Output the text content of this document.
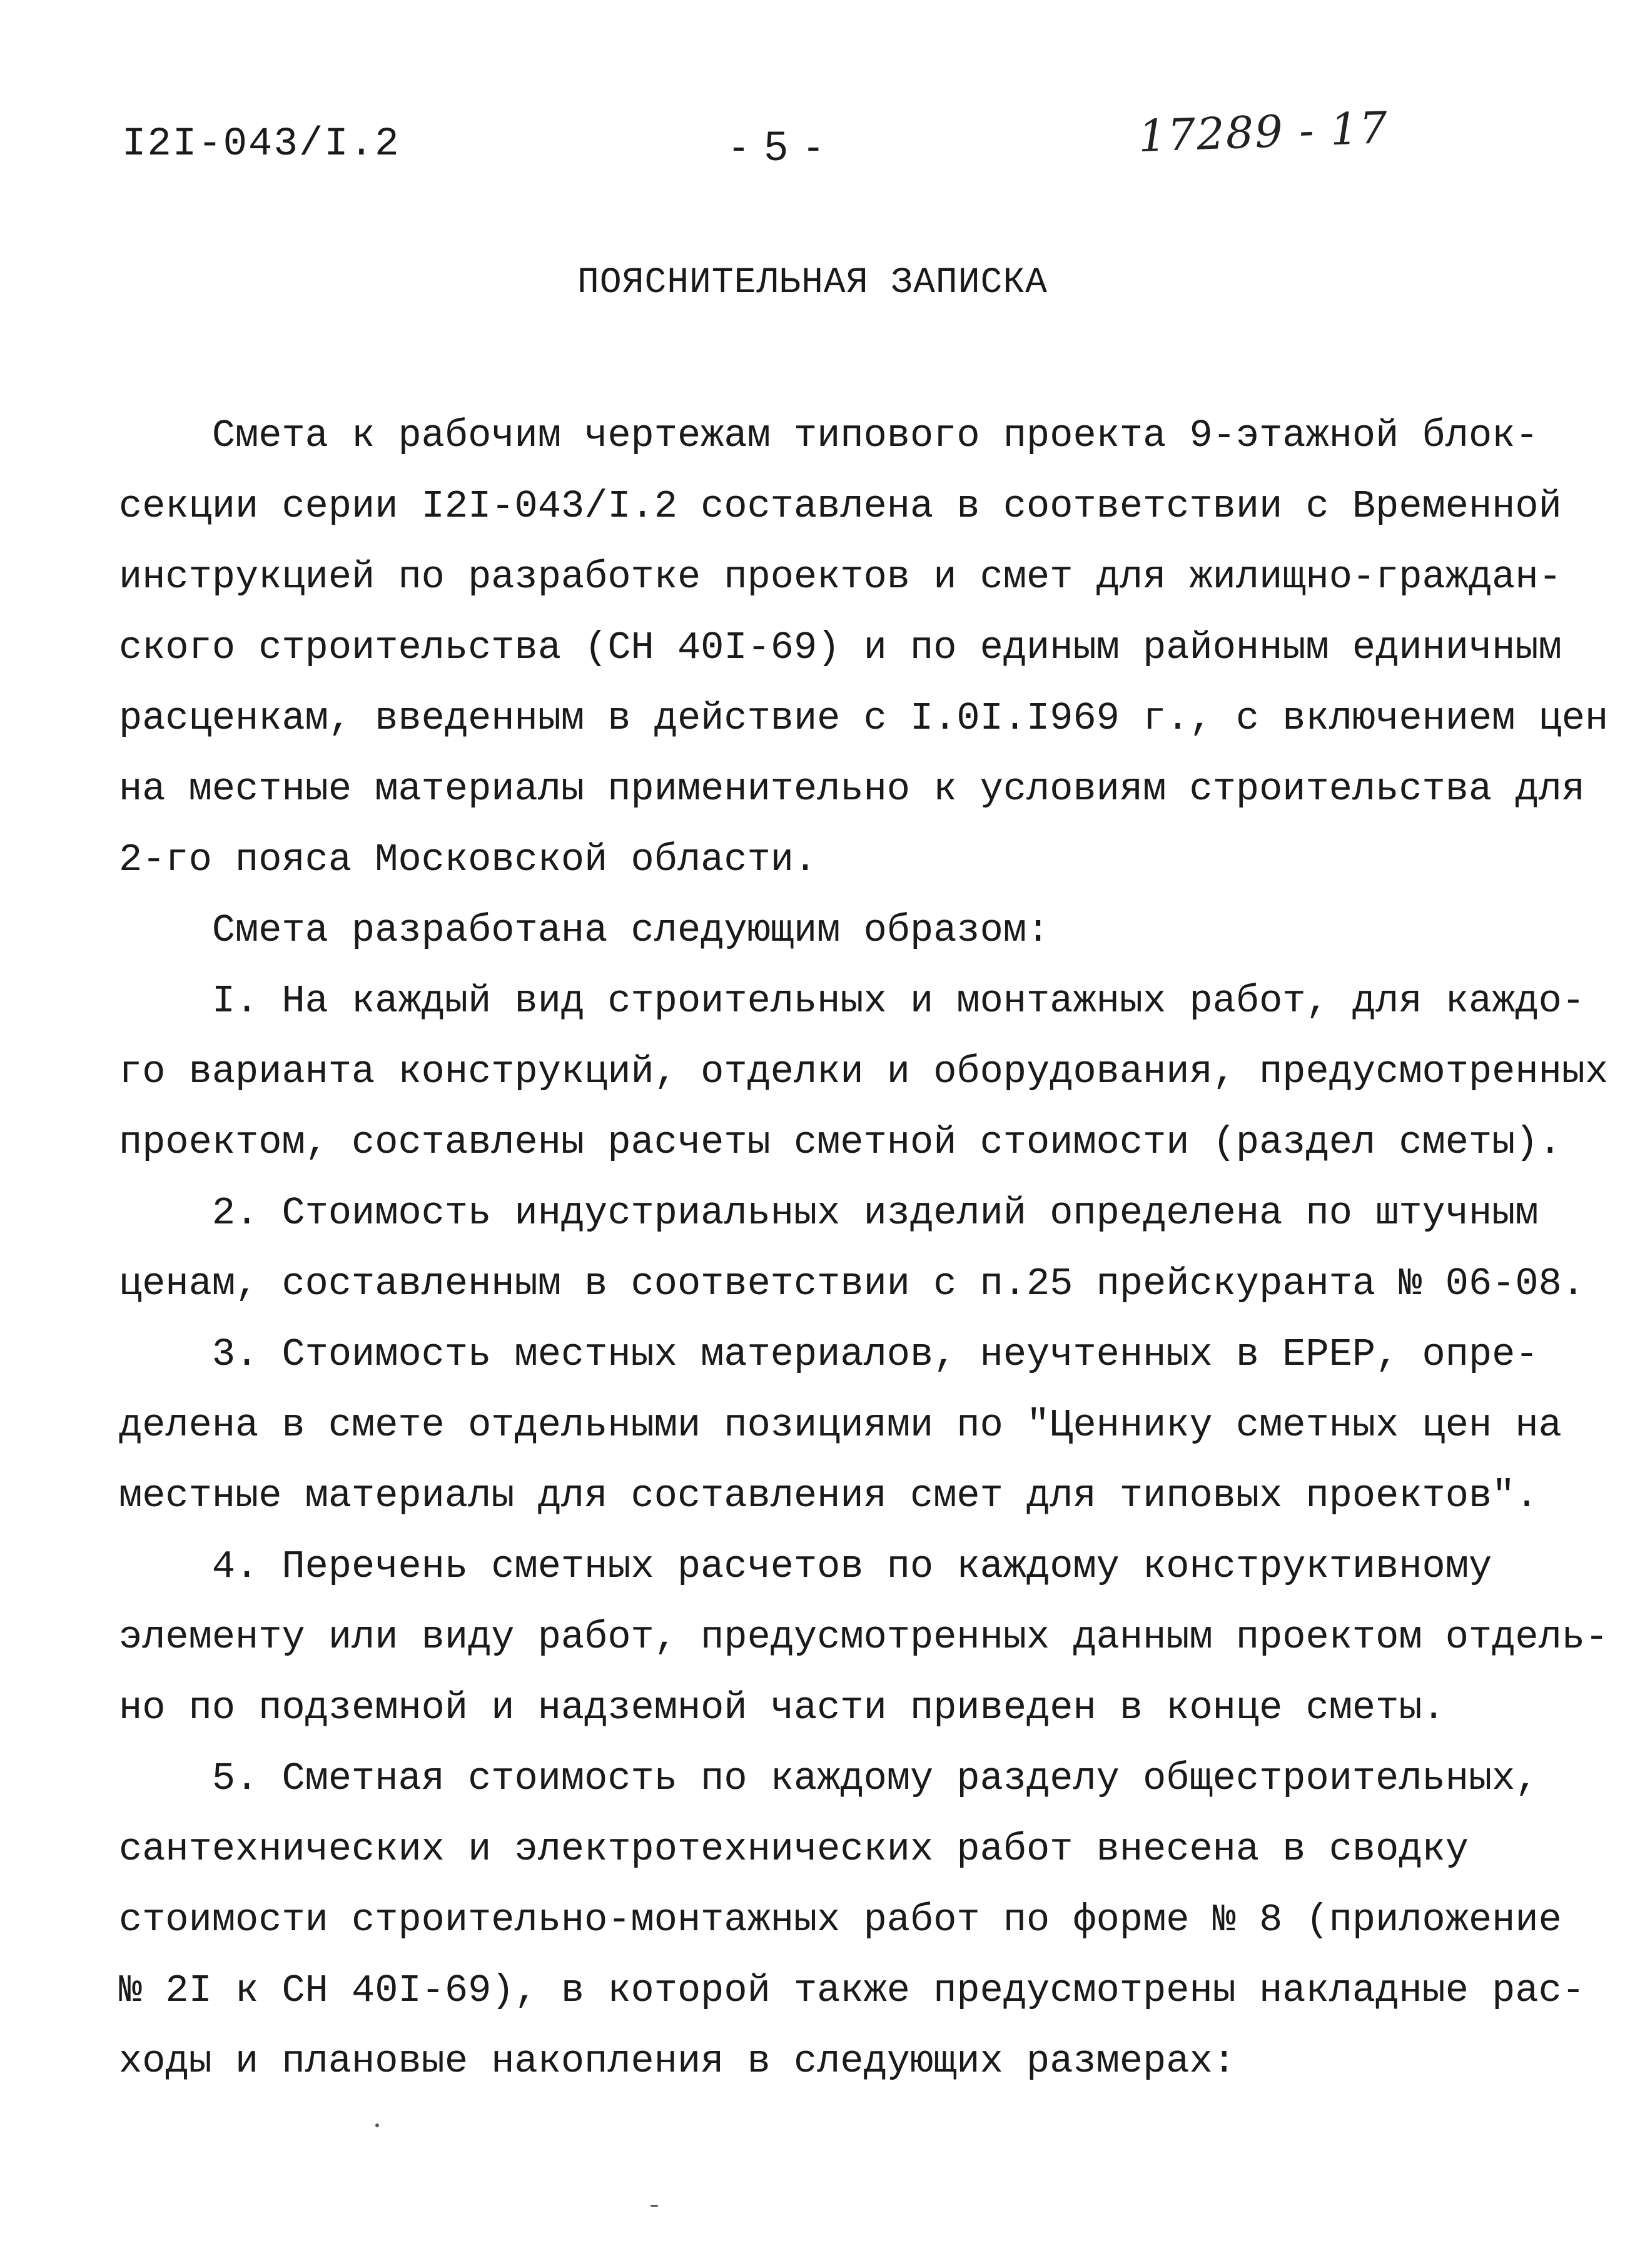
I2I-043/I.2	- 5 -	17289 - 17
ПОЯСНИТЕЛЬНАЯ ЗАПИСКА
Смета к рабочим чертежам типового проекта 9-этажной блок-
секции серии I2I-043/I.2 составлена в соответствии с Временной
инструкцией по разработке проектов и смет для жилищно-граждан-
ского строительства (СН 40I-69) и по единым районным единичным
расценкам, введенным в действие с I.0I.I969 г., с включением цен
на местные материалы применительно к условиям строительства для
2-го пояса Московской области.
Смета разработана следующим образом:
I. На каждый вид строительных и монтажных работ, для каждо-
го варианта конструкций, отделки и оборудования, предусмотренных
проектом, составлены расчеты сметной стоимости (раздел сметы).
2. Стоимость индустриальных изделий определена по штучным
ценам, составленным в соответствии с п.25 прейскуранта № 06-08.
3. Стоимость местных материалов, неучтенных в ЕРЕР, опре-
делена в смете отдельными позициями по "Ценнику сметных цен на
местные материалы для составления смет для типовых проектов".
4. Перечень сметных расчетов по каждому конструктивному
элементу или виду работ, предусмотренных данным проектом отдель-
но по подземной и надземной части приведен в конце сметы.
5. Сметная стоимость по каждому разделу общестроительных,
сантехнических и электротехнических работ внесена в сводку
стоимости строительно-монтажных работ по форме № 8 (приложение
№ 2I к СН 40I-69), в которой также предусмотрены накладные рас-
ходы и плановые накопления в следующих размерах:
